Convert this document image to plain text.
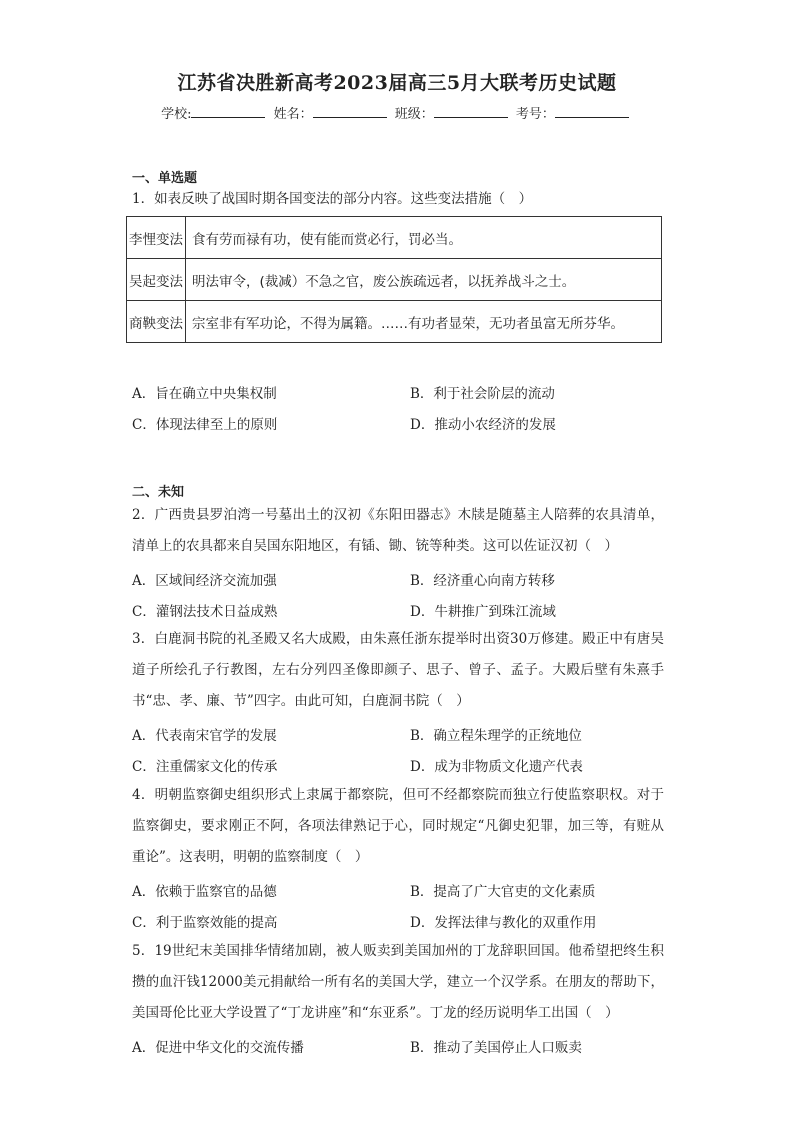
江苏省决胜新高考2023届高三5月大联考历史试题
学校:	姓名：	班级：	考号：
一、单选题
1．如表反映了战国时期各国变法的部分内容。这些变法措施（　）
李悝变法	食有劳而禄有功，使有能而赏必行，罚必当。
吴起变法	明法审令，(裁减）不急之官，废公族疏远者，以抚养战斗之士。
商鞅变法	宗室非有军功论，不得为属籍。……有功者显荣，无功者虽富无所芬华。
A．旨在确立中央集权制	B．利于社会阶层的流动
C．体现法律至上的原则	D．推动小农经济的发展
二、未知
2．广西贵县罗泊湾一号墓出土的汉初《东阳田器志》木牍是随墓主人陪葬的农具清单，清单上的农具都来自吴国东阳地区，有锸、锄、铳等种类。这可以佐证汉初（　）
A．区域间经济交流加强	B．经济重心向南方转移
C．灌钢法技术日益成熟	D．牛耕推广到珠江流域
3．白鹿洞书院的礼圣殿又名大成殿，由朱熹任浙东提举时出资30万修建。殿正中有唐吴道子所绘孔子行教图，左右分列四圣像即颜子、思子、曾子、孟子。大殿后壁有朱熹手书“忠、孝、廉、节”四字。由此可知，白鹿洞书院（　）
A．代表南宋官学的发展	B．确立程朱理学的正统地位
C．注重儒家文化的传承	D．成为非物质文化遗产代表
4．明朝监察御史组织形式上隶属于都察院，但可不经都察院而独立行使监察职权。对于监察御史，要求刚正不阿，各项法律熟记于心，同时规定“凡御史犯罪，加三等，有赃从重论”。这表明，明朝的监察制度（　）
A．依赖于监察官的品德	B．提高了广大官吏的文化素质
C．利于监察效能的提高	D．发挥法律与教化的双重作用
5．19世纪末美国排华情绪加剧，被人贩卖到美国加州的丁龙辞职回国。他希望把终生积攒的血汗钱12000美元捐献给一所有名的美国大学，建立一个汉学系。在朋友的帮助下，美国哥伦比亚大学设置了“丁龙讲座”和“东亚系”。丁龙的经历说明华工出国（　）
A．促进中华文化的交流传播	B．推动了美国停止人口贩卖
